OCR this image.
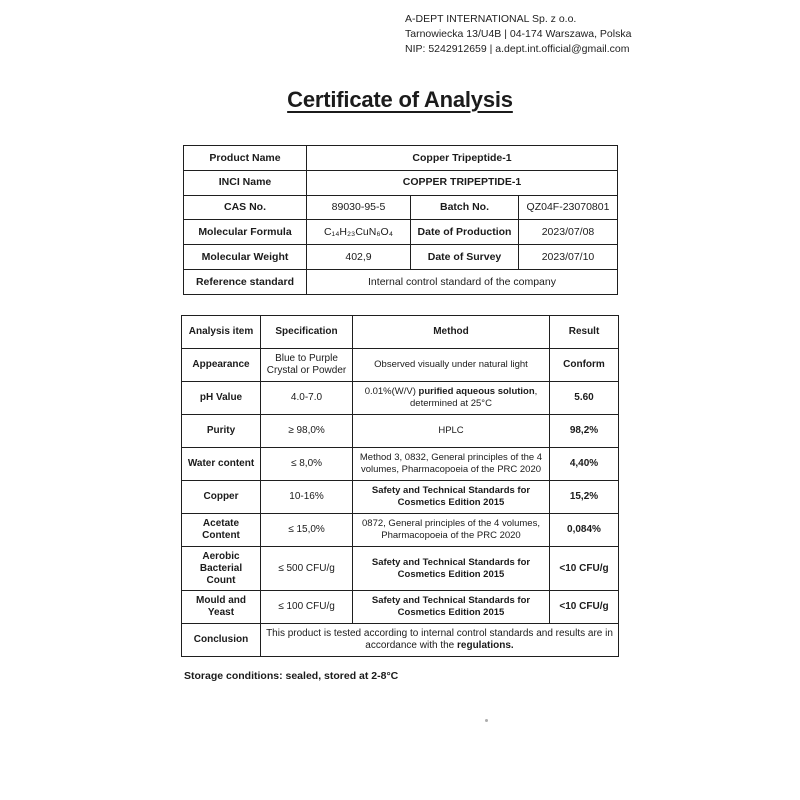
A-DEPT INTERNATIONAL Sp. z o.o.
Tarnowiecka 13/U4B | 04-174 Warszawa, Polska
NIP: 5242912659 | a.dept.int.official@gmail.com
Certificate of Analysis
Product Name	Copper Tripeptide-1		
INCI Name	COPPER TRIPEPTIDE-1		
CAS No.	89030-95-5	Batch No.	QZ04F-23070801
Molecular Formula	C₁₄H₂₃CuN₆O₄	Date of Production	2023/07/08
Molecular Weight	402,9	Date of Survey	2023/07/10
Reference standard	Internal control standard of the company		
Analysis item	Specification	Method	Result
Appearance	Blue to Purple Crystal or Powder	Observed visually under natural light	Conform
pH Value	4.0-7.0	0.01%(W/V) purified aqueous solution, determined at 25°C	5.60
Purity	≥ 98,0%	HPLC	98,2%
Water content	≤ 8,0%	Method 3, 0832, General principles of the 4 volumes, Pharmacopoeia of the PRC 2020	4,40%
Copper	10-16%	Safety and Technical Standards for Cosmetics Edition 2015	15,2%
Acetate Content	≤ 15,0%	0872, General principles of the 4 volumes, Pharmacopoeia of the PRC 2020	0,084%
Aerobic Bacterial Count	≤ 500 CFU/g	Safety and Technical Standards for Cosmetics Edition 2015	<10 CFU/g
Mould and Yeast	≤ 100 CFU/g	Safety and Technical Standards for Cosmetics Edition 2015	<10 CFU/g
Conclusion	This product is tested according to internal control standards and results are in accordance with the regulations.		
Storage conditions: sealed, stored at 2-8°C
